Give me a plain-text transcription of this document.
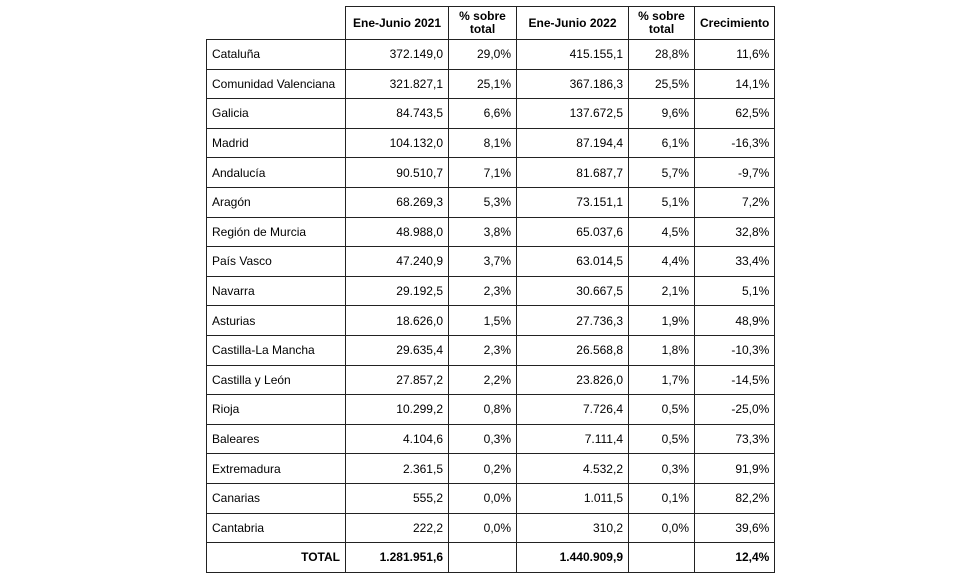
	Ene-Junio 2021	% sobre total	Ene-Junio 2022	% sobre total	Crecimiento
Cataluña	372.149,0	29,0%	415.155,1	28,8%	11,6%
Comunidad Valenciana	321.827,1	25,1%	367.186,3	25,5%	14,1%
Galicia	84.743,5	6,6%	137.672,5	9,6%	62,5%
Madrid	104.132,0	8,1%	87.194,4	6,1%	-16,3%
Andalucía	90.510,7	7,1%	81.687,7	5,7%	-9,7%
Aragón	68.269,3	5,3%	73.151,1	5,1%	7,2%
Región de Murcia	48.988,0	3,8%	65.037,6	4,5%	32,8%
País Vasco	47.240,9	3,7%	63.014,5	4,4%	33,4%
Navarra	29.192,5	2,3%	30.667,5	2,1%	5,1%
Asturias	18.626,0	1,5%	27.736,3	1,9%	48,9%
Castilla-La Mancha	29.635,4	2,3%	26.568,8	1,8%	-10,3%
Castilla y León	27.857,2	2,2%	23.826,0	1,7%	-14,5%
Rioja	10.299,2	0,8%	7.726,4	0,5%	-25,0%
Baleares	4.104,6	0,3%	7.111,4	0,5%	73,3%
Extremadura	2.361,5	0,2%	4.532,2	0,3%	91,9%
Canarias	555,2	0,0%	1.011,5	0,1%	82,2%
Cantabria	222,2	0,0%	310,2	0,0%	39,6%
TOTAL	1.281.951,6		1.440.909,9		12,4%
